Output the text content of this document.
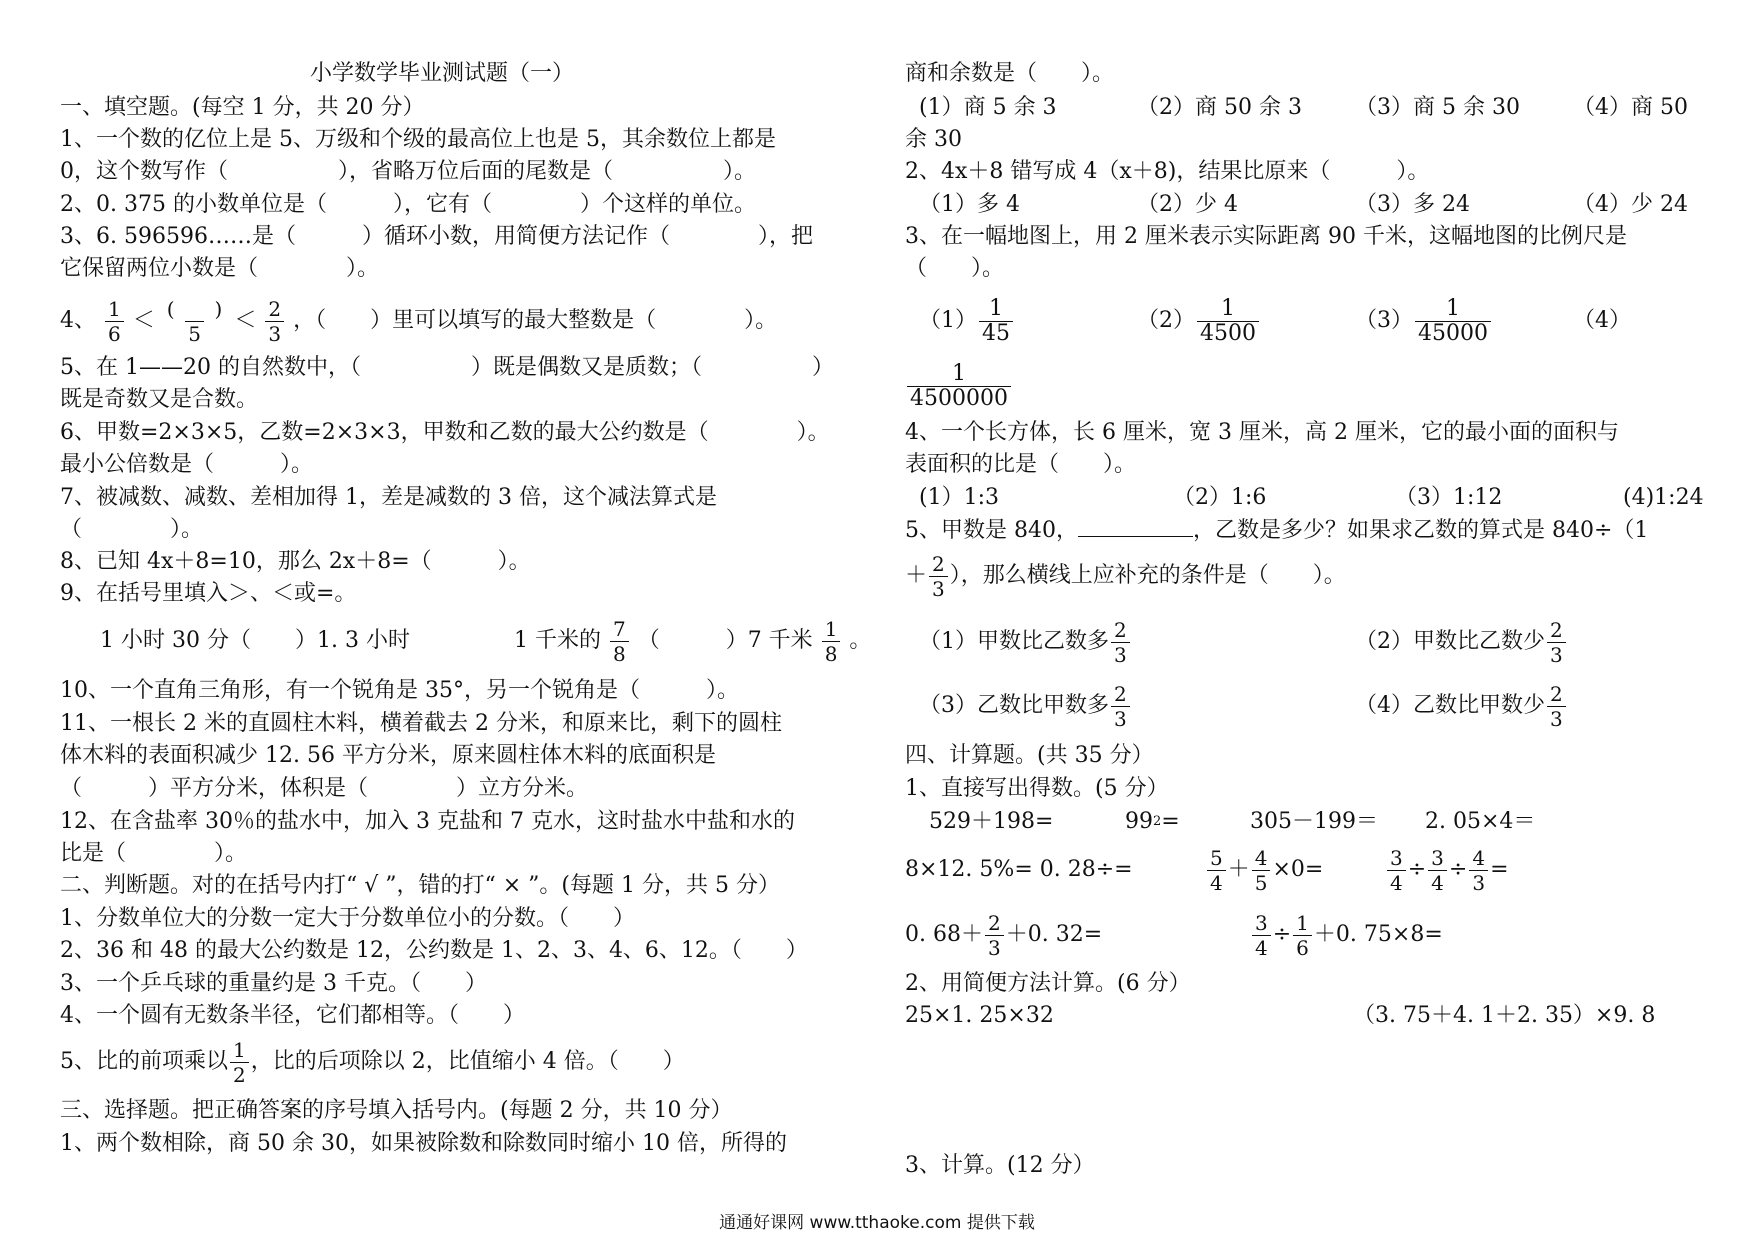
小学数学毕业测试题（一）
一、填空题。(每空 1 分，共 20 分）
1、一个数的亿位上是 5、万级和个级的最高位上也是 5，其余数位上都是
0，这个数写作（　　　　　），省略万位后面的尾数是（　　　　　）。
2、0. 375 的小数单位是（　　　），它有（　　　　）个这样的单位。
3、6. 596596……是（　　　）循环小数，用简便方法记作（　　　　），把
它保留两位小数是（　　　　）。
4、 $\frac{1}{6} < \frac{( )}{5} < \frac{2}{3}$ ，（　　）里可以填写的最大整数是（　　　　）。
5、在 1——20 的自然数中，（　　　　　）既是偶数又是质数；（　　　　　）
既是奇数又是合数。
6、甲数=2×3×5，乙数=2×3×3，甲数和乙数的最大公约数是（　　　　）。
最小公倍数是（　　　）。
7、被减数、减数、差相加得 1，差是减数的 3 倍，这个减法算式是
（　　　　）。
8、已知 4x＋8=10，那么 2x＋8=（　　　）。
9、在括号里填入＞、＜或=。
1 小时 30 分（　　）1. 3 小时	1 千米的 $\frac{7}{8}$ （　　　）7 千米 $\frac{1}{8}$ 。
10、一个直角三角形，有一个锐角是 35°，另一个锐角是（　　　）。
11、一根长 2 米的直圆柱木料，横着截去 2 分米，和原来比，剩下的圆柱
体木料的表面积减少 12. 56 平方分米，原来圆柱体木料的底面积是
（　　　）平方分米，体积是（　　　　）立方分米。
12、在含盐率 30％的盐水中，加入 3 克盐和 7 克水，这时盐水中盐和水的
比是（　　　　）。
二、判断题。对的在括号内打“ √ ”，错的打“ × ”。(每题 1 分，共 5 分）
1、分数单位大的分数一定大于分数单位小的分数。（　　）
2、36 和 48 的最大公约数是 12，公约数是 1、2、3、4、6、12。（　　）
3、一个乒乓球的重量约是 3 千克。（　　）
4、一个圆有无数条半径，它们都相等。（　　）
5、比的前项乘以 $\frac{1}{2}$ ，比的后项除以 2，比值缩小 4 倍。（　　）
三、选择题。把正确答案的序号填入括号内。(每题 2 分，共 10 分）
1、两个数相除，商 50 余 30，如果被除数和除数同时缩小 10 倍，所得的
商和余数是（　　）。
(1）商 5 余 3	（2）商 50 余 3 （3）商 5 余 30 （4）商 50
余 30
2、4x＋8 错写成 4（x＋8)，结果比原来（　　　）。
（1）多 4	（2）少 4	（3）多 24	（4）少 24
3、在一幅地图上，用 2 厘米表示实际距离 90 千米，这幅地图的比例尺是
（　　）。
$(1) \frac{1}{45}$	$(2) \frac{1}{4500}$	$(3) \frac{1}{45000}$	（4）
$\frac{1}{4500000}$
4、一个长方体，长 6 厘米，宽 3 厘米，高 2 厘米，它的最小面的面积与
表面积的比是（　　）。
(1）1:3	（2）1:6	（3）1:12	(4)1:24
5、甲数是 840，	，乙数是多少？如果求乙数的算式是 840÷（1
＋ $\frac{2}{3}$ ），那么横线上应补充的条件是（　　）。
（1）甲数比乙数多 $\frac{2}{3}$	（2）甲数比乙数少 $\frac{2}{3}$
（3）乙数比甲数多 $\frac{2}{3}$	（4）乙数比甲数少 $\frac{2}{3}$
四、计算题。(共 35 分）
1、直接写出得数。(5 分）
529＋198=	$99^2=$	305－199＝ 2. 05×4＝
8×12. 5%= 0. 28÷=	$\frac{5}{4} + \frac{4}{5} \times 0=$	$\frac{3}{4} \div \frac{3}{4} \div \frac{4}{3}$ =
0. $68+ \frac{2}{3} +0$. 32=	$\frac{3}{4} \div \frac{1}{6} +0$. 75×8=
2、用简便方法计算。(6 分）
25×1. 25×32	（3. 75＋4. 1＋2. 35）×9. 8
3、计算。(12 分）
通通好课网 www.tthaoke.com 提供下载
